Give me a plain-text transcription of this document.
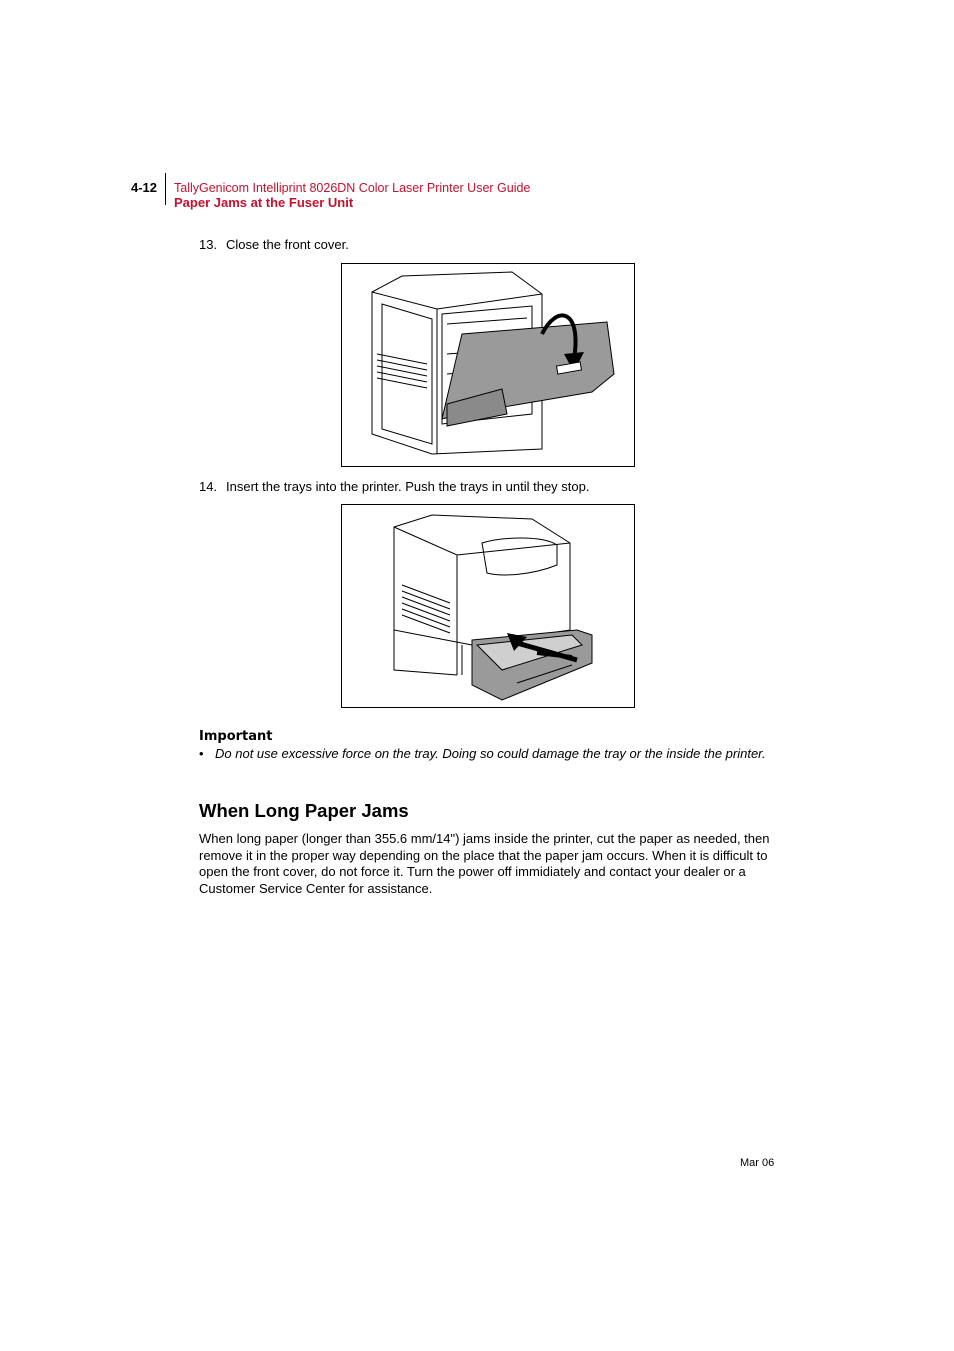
4-12 TallyGenicom Intelliprint 8026DN Color Laser Printer User Guide
Paper Jams at the Fuser Unit
13. Close the front cover.
14. Insert the trays into the printer. Push the trays in until they stop.
Important
• Do not use excessive force on the tray. Doing so could damage the tray or the inside the printer.
When Long Paper Jams
When long paper (longer than 355.6 mm/14") jams inside the printer, cut the paper as needed, then remove it in the proper way depending on the place that the paper jam occurs. When it is difficult to open the front cover, do not force it. Turn the power off immidiately and contact your dealer or a Customer Service Center for assistance.
Mar 06
